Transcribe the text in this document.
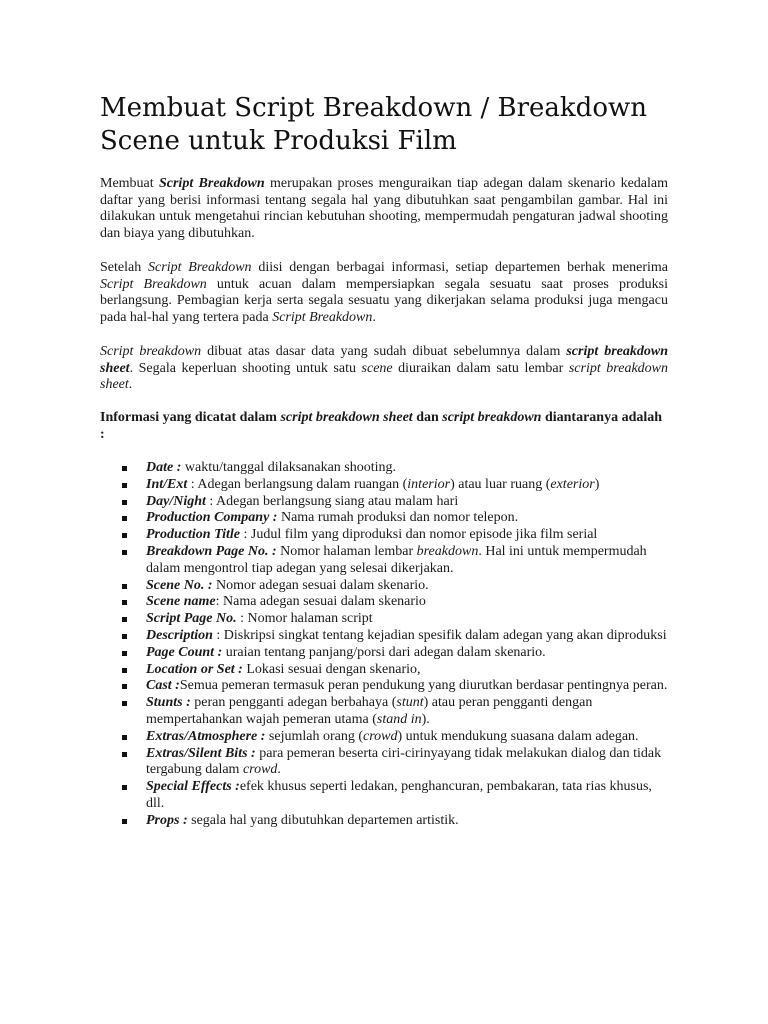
Membuat Script Breakdown / Breakdown Scene untuk Produksi Film

Membuat Script Breakdown merupakan proses menguraikan tiap adegan dalam skenario kedalam daftar yang berisi informasi tentang segala hal yang dibutuhkan saat pengambilan gambar. Hal ini dilakukan untuk mengetahui rincian kebutuhan shooting, mempermudah pengaturan jadwal shooting dan biaya yang dibutuhkan.

Setelah Script Breakdown diisi dengan berbagai informasi, setiap departemen berhak menerima Script Breakdown untuk acuan dalam mempersiapkan segala sesuatu saat proses produksi berlangsung. Pembagian kerja serta segala sesuatu yang dikerjakan selama produksi juga mengacu pada hal-hal yang tertera pada Script Breakdown.

Script breakdown dibuat atas dasar data yang sudah dibuat sebelumnya dalam script breakdown sheet. Segala keperluan shooting untuk satu scene diuraikan dalam satu lembar script breakdown sheet.

Informasi yang dicatat dalam script breakdown sheet dan script breakdown diantaranya adalah :

Date : waktu/tanggal dilaksanakan shooting.
Int/Ext : Adegan berlangsung dalam ruangan (interior) atau luar ruang (exterior)
Day/Night : Adegan berlangsung siang atau malam hari
Production Company : Nama rumah produksi dan nomor telepon.
Production Title : Judul film yang diproduksi dan nomor episode jika film serial
Breakdown Page No. : Nomor halaman lembar breakdown. Hal ini untuk mempermudah dalam mengontrol tiap adegan yang selesai dikerjakan.
Scene No. : Nomor adegan sesuai dalam skenario.
Scene name: Nama adegan sesuai dalam skenario
Script Page No. : Nomor halaman script
Description : Diskripsi singkat tentang kejadian spesifik dalam adegan yang akan diproduksi
Page Count : uraian tentang panjang/porsi dari adegan dalam skenario.
Location or Set : Lokasi sesuai dengan skenario,
Cast :Semua pemeran termasuk peran pendukung yang diurutkan berdasar pentingnya peran.
Stunts : peran pengganti adegan berbahaya (stunt) atau peran pengganti dengan mempertahankan wajah pemeran utama (stand in).
Extras/Atmosphere : sejumlah orang (crowd) untuk mendukung suasana dalam adegan.
Extras/Silent Bits : para pemeran beserta ciri-cirinyayang tidak melakukan dialog dan tidak tergabung dalam crowd.
Special Effects :efek khusus seperti ledakan, penghancuran, pembakaran, tata rias khusus, dll.
Props : segala hal yang dibutuhkan departemen artistik.
